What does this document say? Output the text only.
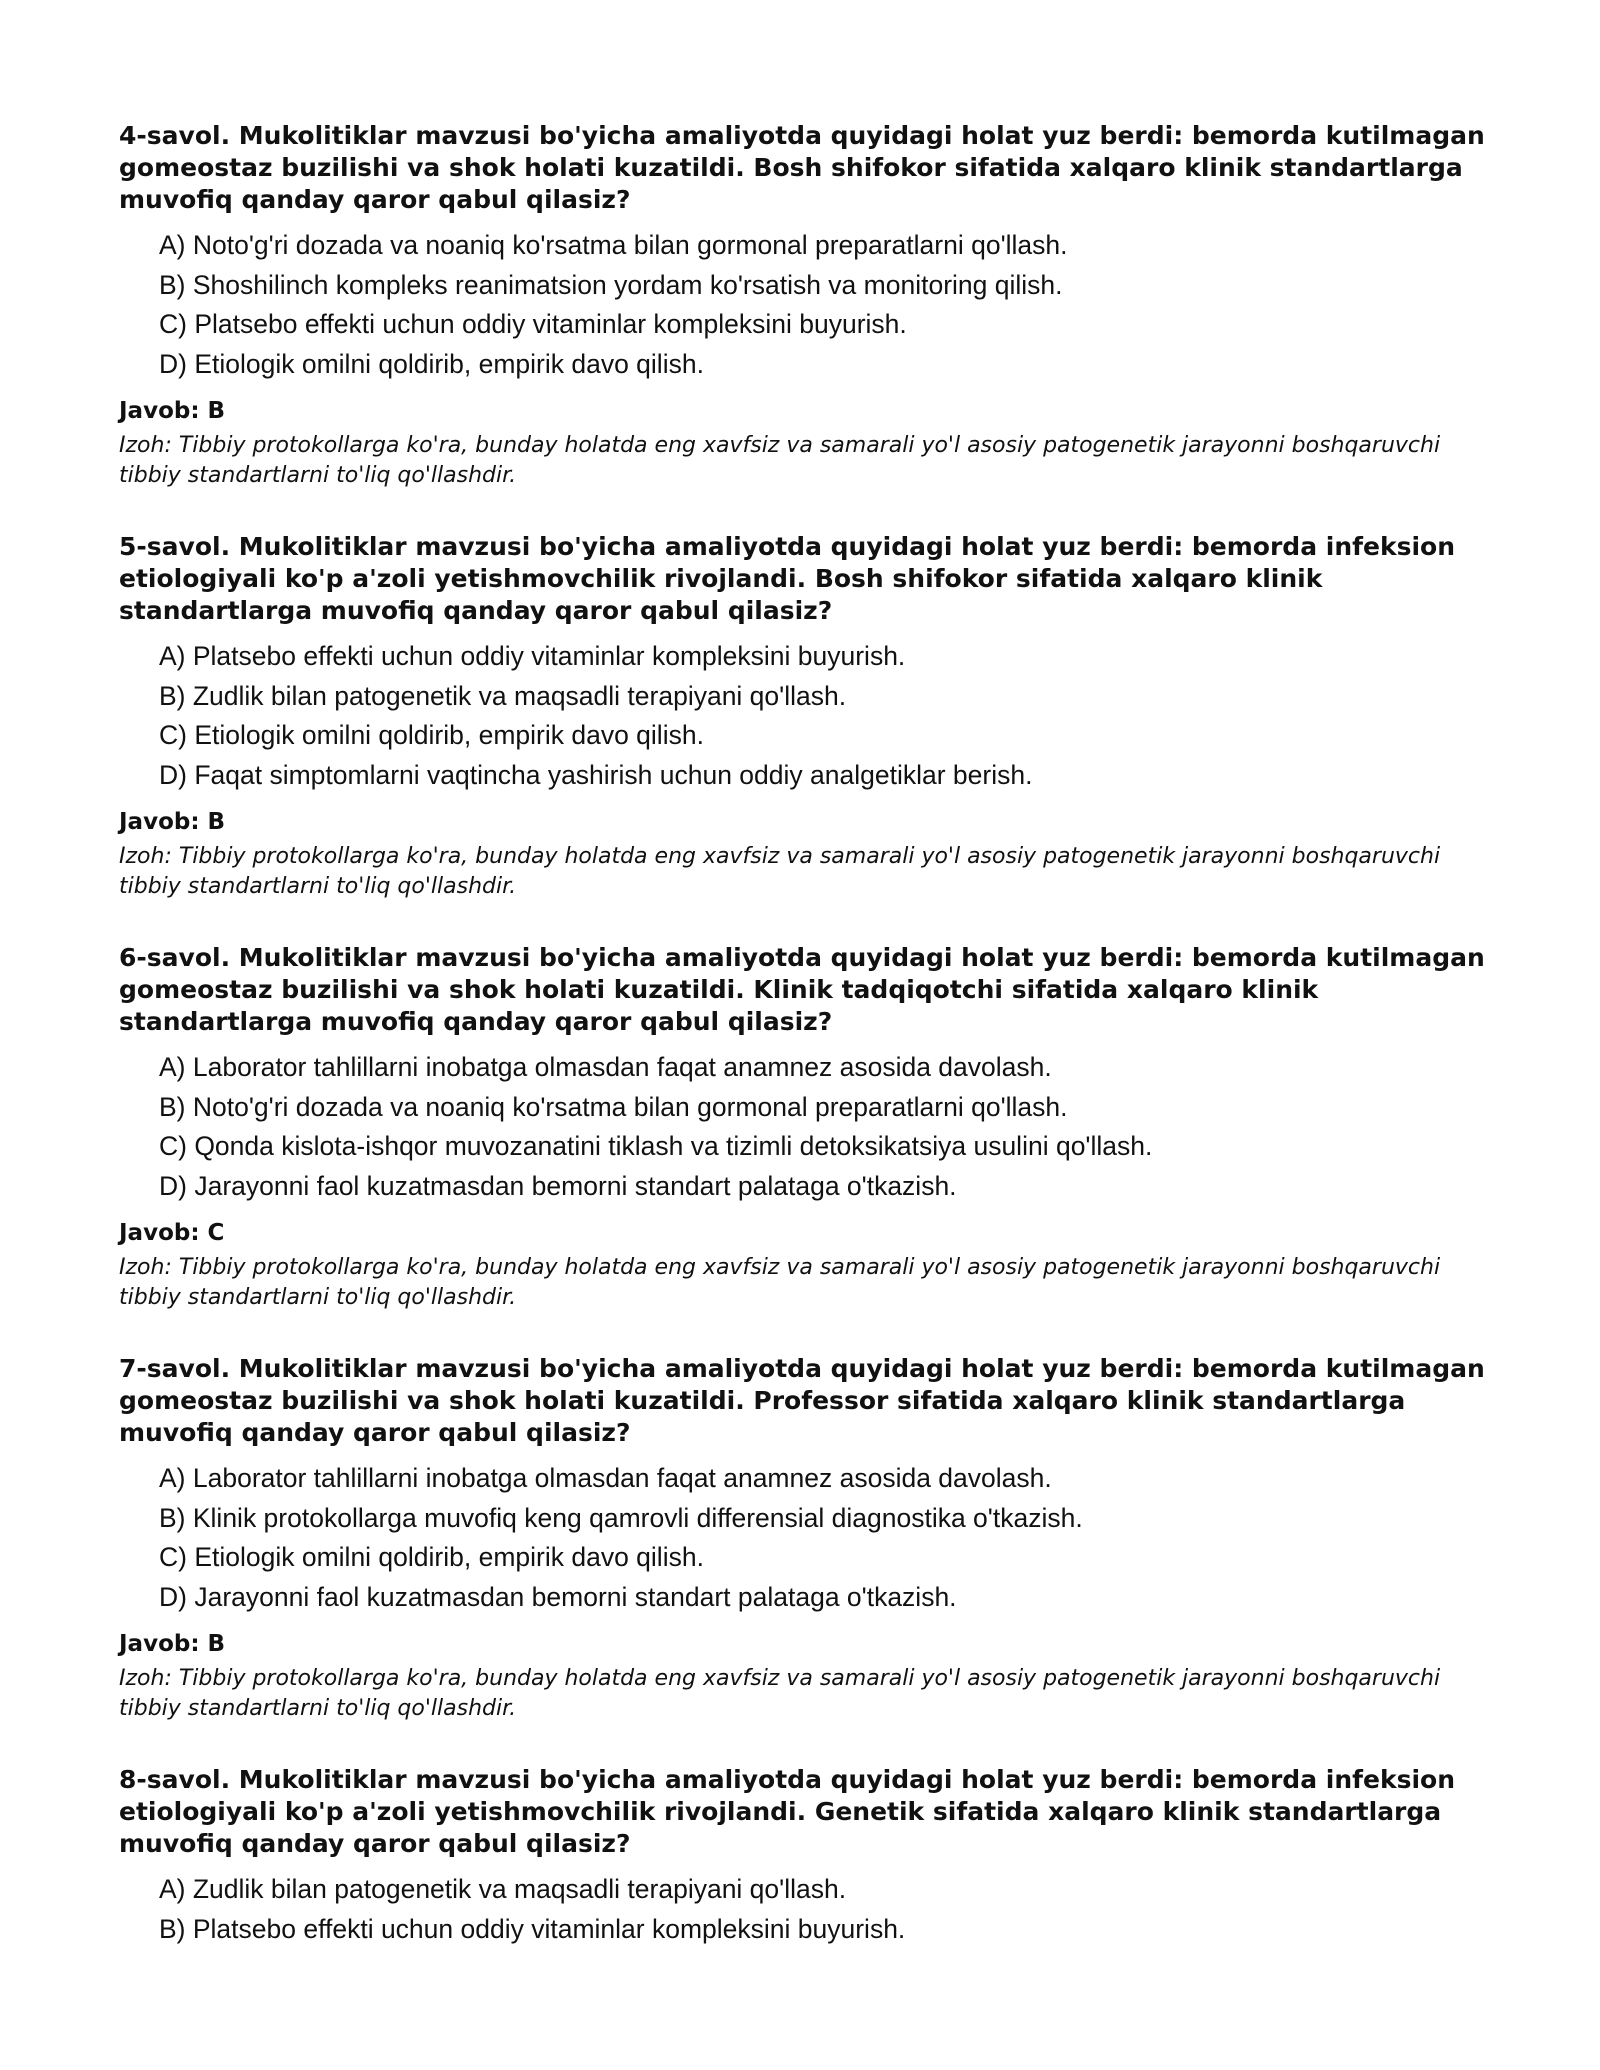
4-savol. Mukolitiklar mavzusi bo'yicha amaliyotda quyidagi holat yuz berdi: bemorda kutilmagan gomeostaz buzilishi va shok holati kuzatildi. Bosh shifokor sifatida xalqaro klinik standartlarga muvofiq qanday qaror qabul qilasiz?

A) Noto'g'ri dozada va noaniq ko'rsatma bilan gormonal preparatlarni qo'llash.
B) Shoshilinch kompleks reanimatsion yordam ko'rsatish va monitoring qilish.
C) Platsebo effekti uchun oddiy vitaminlar kompleksini buyurish.
D) Etiologik omilni qoldirib, empirik davo qilish.

Javob: B

Izoh: Tibbiy protokollarga ko'ra, bunday holatda eng xavfsiz va samarali yo'l asosiy patogenetik jarayonni boshqaruvchi tibbiy standartlarni to'liq qo'llashdir.

5-savol. Mukolitiklar mavzusi bo'yicha amaliyotda quyidagi holat yuz berdi: bemorda infeksion etiologiyali ko'p a'zoli yetishmovchilik rivojlandi. Bosh shifokor sifatida xalqaro klinik standartlarga muvofiq qanday qaror qabul qilasiz?

A) Platsebo effekti uchun oddiy vitaminlar kompleksini buyurish.
B) Zudlik bilan patogenetik va maqsadli terapiyani qo'llash.
C) Etiologik omilni qoldirib, empirik davo qilish.
D) Faqat simptomlarni vaqtincha yashirish uchun oddiy analgetiklar berish.

Javob: B

Izoh: Tibbiy protokollarga ko'ra, bunday holatda eng xavfsiz va samarali yo'l asosiy patogenetik jarayonni boshqaruvchi tibbiy standartlarni to'liq qo'llashdir.

6-savol. Mukolitiklar mavzusi bo'yicha amaliyotda quyidagi holat yuz berdi: bemorda kutilmagan gomeostaz buzilishi va shok holati kuzatildi. Klinik tadqiqotchi sifatida xalqaro klinik standartlarga muvofiq qanday qaror qabul qilasiz?

A) Laborator tahlillarni inobatga olmasdan faqat anamnez asosida davolash.
B) Noto'g'ri dozada va noaniq ko'rsatma bilan gormonal preparatlarni qo'llash.
C) Qonda kislota-ishqor muvozanatini tiklash va tizimli detoksikatsiya usulini qo'llash.
D) Jarayonni faol kuzatmasdan bemorni standart palataga o'tkazish.

Javob: C

Izoh: Tibbiy protokollarga ko'ra, bunday holatda eng xavfsiz va samarali yo'l asosiy patogenetik jarayonni boshqaruvchi tibbiy standartlarni to'liq qo'llashdir.

7-savol. Mukolitiklar mavzusi bo'yicha amaliyotda quyidagi holat yuz berdi: bemorda kutilmagan gomeostaz buzilishi va shok holati kuzatildi. Professor sifatida xalqaro klinik standartlarga muvofiq qanday qaror qabul qilasiz?

A) Laborator tahlillarni inobatga olmasdan faqat anamnez asosida davolash.
B) Klinik protokollarga muvofiq keng qamrovli differensial diagnostika o'tkazish.
C) Etiologik omilni qoldirib, empirik davo qilish.
D) Jarayonni faol kuzatmasdan bemorni standart palataga o'tkazish.

Javob: B

Izoh: Tibbiy protokollarga ko'ra, bunday holatda eng xavfsiz va samarali yo'l asosiy patogenetik jarayonni boshqaruvchi tibbiy standartlarni to'liq qo'llashdir.

8-savol. Mukolitiklar mavzusi bo'yicha amaliyotda quyidagi holat yuz berdi: bemorda infeksion etiologiyali ko'p a'zoli yetishmovchilik rivojlandi. Genetik sifatida xalqaro klinik standartlarga muvofiq qanday qaror qabul qilasiz?

A) Zudlik bilan patogenetik va maqsadli terapiyani qo'llash.
B) Platsebo effekti uchun oddiy vitaminlar kompleksini buyurish.
